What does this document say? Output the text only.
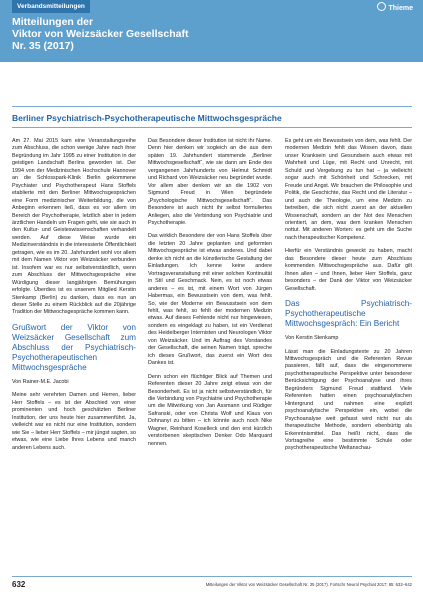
Verbandsmitteilungen	Thieme
Mitteilungen der
Viktor von Weizsäcker Gesellschaft
Nr. 35 (2017)
Berliner Psychiatrisch-Psychotherapeutische Mittwochsgespräche

Am 27. Mai 2015 kam eine Veranstaltungsreihe zum Abschluss, die schon wenige Jahre nach ihrer Begründung im Jahr 1995 zu einer Institution in der geistigen Landschaft Berlins geworden ist. Der 1994 von der Medizinischen Hochschule Hannover an die Schlosspark-Klinik Berlin gekommene Psychiater und Psychotherapeut Hans Stoffels etablierte mit den Berliner Mittwochsgesprächen eine Form medizinischer Weiterbildung, die von Anbeginn erkennen ließ, dass es vor allem im Bereich der Psychotherapie, letztlich aber in jedem ärztlichen Handeln um Fragen geht, wie sie auch in den Kultur- und Geisteswissenschaften verhandelt werden. Auf diese Weise wurde ein Medizinverständnis in die interessierte Öffentlichkeit getragen, wie es im 20. Jahrhundert wohl vor allem mit dem Namen Viktor von Weizsäcker verbunden ist. Insofern war es nur selbstverständlich, wenn zum Abschluss der Mittwochsgespräche eine Würdigung dieser langjährigen Bemühungen erfolgte. Überdies ist es unserem Mitglied Kerstin Stenkamp (Berlin) zu danken, dass es nun an dieser Stelle zu einem Rückblick auf die 20jährige Tradition der Mittwochsgespräche kommen kann.

Grußwort der Viktor von Weizsäcker Gesellschaft zum Abschluss der Psychiatrisch-Psychotherapeutischen Mittwochsgespräche

Von Rainer-M.E. Jacobi

Meine sehr verehrten Damen und Herren, lieber Herr Stoffels – es ist der Abschied von einer prominenten und hoch geschätzten Berliner Institution, der uns heute hier zusammenführt. Ja, vielleicht war es nicht nur eine Institution, sondern wie Sie – lieber Herr Stoffels – mir jüngst sagten, so etwas, wie eine Liebe Ihres Lebens und manch anderen Lebens auch.

Das Besondere dieser Institution ist nicht ihr Name. Denn hier denken wir sogleich an die aus dem späten 19. Jahrhundert stammende „Berliner Mittwochsgesellschaft“, wie sie dann am Ende des vergangenen Jahrhunderts von Helmut Schmidt und Richard von Weizsäcker neu begründet wurde. Vor allem aber denken wir an die 1902 von Sigmund Freud in Wien begründete „Psychologische Mittwochsgesellschaft“. Das Besondere ist auch nicht ihr selbst formuliertes Anliegen, also die Verbindung von Psychiatrie und Psychotherapie.

Das wirklich Besondere der von Hans Stoffels über die letzten 20 Jahre geplanten und geformten Mittwochsgespräche ist etwas anderes. Und dabei denke ich nicht an die künstlerische Gestaltung der Einladungen. Ich kenne keine andere Vortragsveranstaltung mit einer solchen Kontinuität in Stil und Geschmack. Nein, es ist noch etwas anderes – es ist, mit einem Wort von Jürgen Habermas, ein Bewusstsein von dem, was fehlt. So, wie der Moderne ein Bewusstsein von dem fehlt, was fehlt, so fehlt der modernen Medizin etwas. Auf dieses Fehlende nicht nur hingewiesen, sondern es eingeklagt zu haben, ist ein Verdienst des Heidelberger Internisten und Neurologen Viktor von Weizsäcker. Und im Auftrag des Vorstandes der Gesellschaft, die seinen Namen trägt, spreche ich dieses Grußwort, das zuerst ein Wort des Dankes ist.

Denn schon ein flüchtiger Blick auf Themen und Referenten dieser 20 Jahre zeigt etwas von der Besonderheit. Es ist ja nicht selbstverständlich, für die Verbindung von Psychiatrie und Psychotherapie um die Mitwirkung von Jan Assmann und Rüdiger Safranski, oder von Christa Wolf und Klaus von Dohnanyi zu bitten – ich könnte auch noch Nike Wagner, Reinhard Koselleck und den erst kürzlich verstorbenen skeptischen Denker Odo Marquard nennen.

Es geht um ein Bewusstsein von dem, was fehlt. Der modernen Medizin fehlt das Wissen davon, dass unser Kranksein und Gesundsein auch etwas mit Wahrheit und Lüge, mit Recht und Unrecht, mit Schuld und Vergebung zu tun hat – ja vielleicht sogar auch mit Schönheit und Schrecken, mit Freude und Angst. Wir brauchen die Philosophie und Politik, die Geschichte, das Recht und die Literatur – und auch die Theologie, um eine Medizin zu betreiben, die sich nicht zuerst an der aktuellen Wissenschaft, sondern an der Not des Menschen orientiert, an dem, was dem kranken Menschen nottut. Mit anderen Worten: es geht um die Suche nach therapeutischer Kompetenz.

Hierfür ein Verständnis geweckt zu haben, macht das Besondere dieser heute zum Abschluss kommenden Mittwochsgespräche aus. Dafür gilt Ihnen allen – und Ihnen, lieber Herr Stoffels, ganz besonders – der Dank der Viktor von Weizsäcker Gesellschaft.

Das Psychiatrisch-Psychotherapeutische Mittwochsgespräch: Ein Bericht

Von Kerstin Stenkamp

Lässt man die Einladungstexte zu 20 Jahren Mittwochsgespräch und die Referenten Revue passieren, fällt auf, dass die eingenommene psychotherapeutische Perspektive unter besonderer Berücksichtigung der Psychoanalyse und ihres Begründers Sigmund Freud stattfand. Viele Referenten hatten einen psychoanalytischen Hintergrund und nahmen eine explizit psychoanalytische Perspektive ein, wobei die Psychoanalyse weit gefasst wird nicht nur als therapeutische Methode, sondern ebenbürtig als Erkenntnismittel. Das heißt nicht, dass die Vortragreihe eine bestimmte Schule oder psychotherapeutische Weltanschau-

632	Mitteilungen der Viktor von Weizsäcker Gesellschaft Nr. 35 (2017). Fortschr Neurol Psychiat 2017; 85: 632–642
